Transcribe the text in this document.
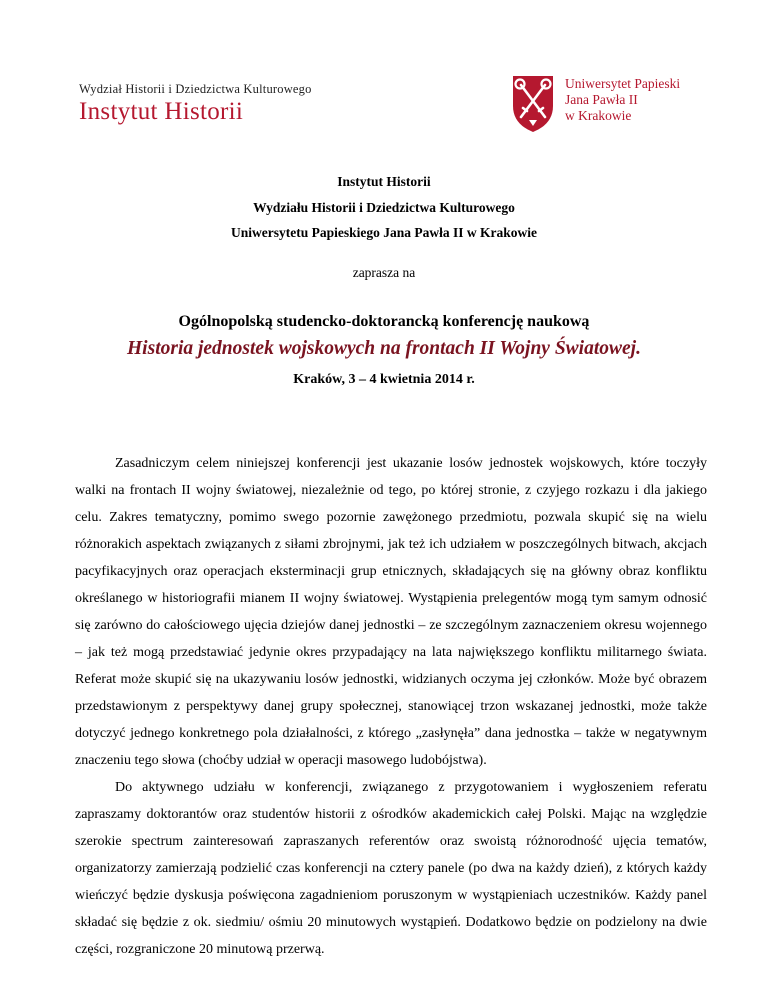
Wydział Historii i Dziedzictwa Kulturowego
Instytut Historii
Uniwersytet Papieski
Jana Pawła II
w Krakowie
Instytut Historii
Wydziału Historii i Dziedzictwa Kulturowego
Uniwersytetu Papieskiego Jana Pawła II w Krakowie
zaprasza na
Ogólnopolską studencko-doktorancką konferencję naukową
Historia jednostek wojskowych na frontach II Wojny Światowej.
Kraków, 3 – 4 kwietnia 2014 r.

Zasadniczym celem niniejszej konferencji jest ukazanie losów jednostek wojskowych, które toczyły walki na frontach II wojny światowej, niezależnie od tego, po której stronie, z czyjego rozkazu i dla jakiego celu. Zakres tematyczny, pomimo swego pozornie zawężonego przedmiotu, pozwala skupić się na wielu różnorakich aspektach związanych z siłami zbrojnymi, jak też ich udziałem w poszczególnych bitwach, akcjach pacyfikacyjnych oraz operacjach eksterminacji grup etnicznych, składających się na główny obraz konfliktu określanego w historiografii mianem II wojny światowej. Wystąpienia prelegentów mogą tym samym odnosić się zarówno do całościowego ujęcia dziejów danej jednostki – ze szczególnym zaznaczeniem okresu wojennego – jak też mogą przedstawiać jedynie okres przypadający na lata największego konfliktu militarnego świata. Referat może skupić się na ukazywaniu losów jednostki, widzianych oczyma jej członków. Może być obrazem przedstawionym z perspektywy danej grupy społecznej, stanowiącej trzon wskazanej jednostki, może także dotyczyć jednego konkretnego pola działalności, z którego „zasłynęła” dana jednostka – także w negatywnym znaczeniu tego słowa (choćby udział w operacji masowego ludobójstwa).

Do aktywnego udziału w konferencji, związanego z przygotowaniem i wygłoszeniem referatu zapraszamy doktorantów oraz studentów historii z ośrodków akademickich całej Polski. Mając na względzie szerokie spectrum zainteresowań zapraszanych referentów oraz swoistą różnorodność ujęcia tematów, organizatorzy zamierzają podzielić czas konferencji na cztery panele (po dwa na każdy dzień), z których każdy wieńczyć będzie dyskusja poświęcona zagadnieniom poruszonym w wystąpieniach uczestników. Każdy panel składać się będzie z ok. siedmiu/ ośmiu 20 minutowych wystąpień. Dodatkowo będzie on podzielony na dwie części, rozgraniczone 20 minutową przerwą.
